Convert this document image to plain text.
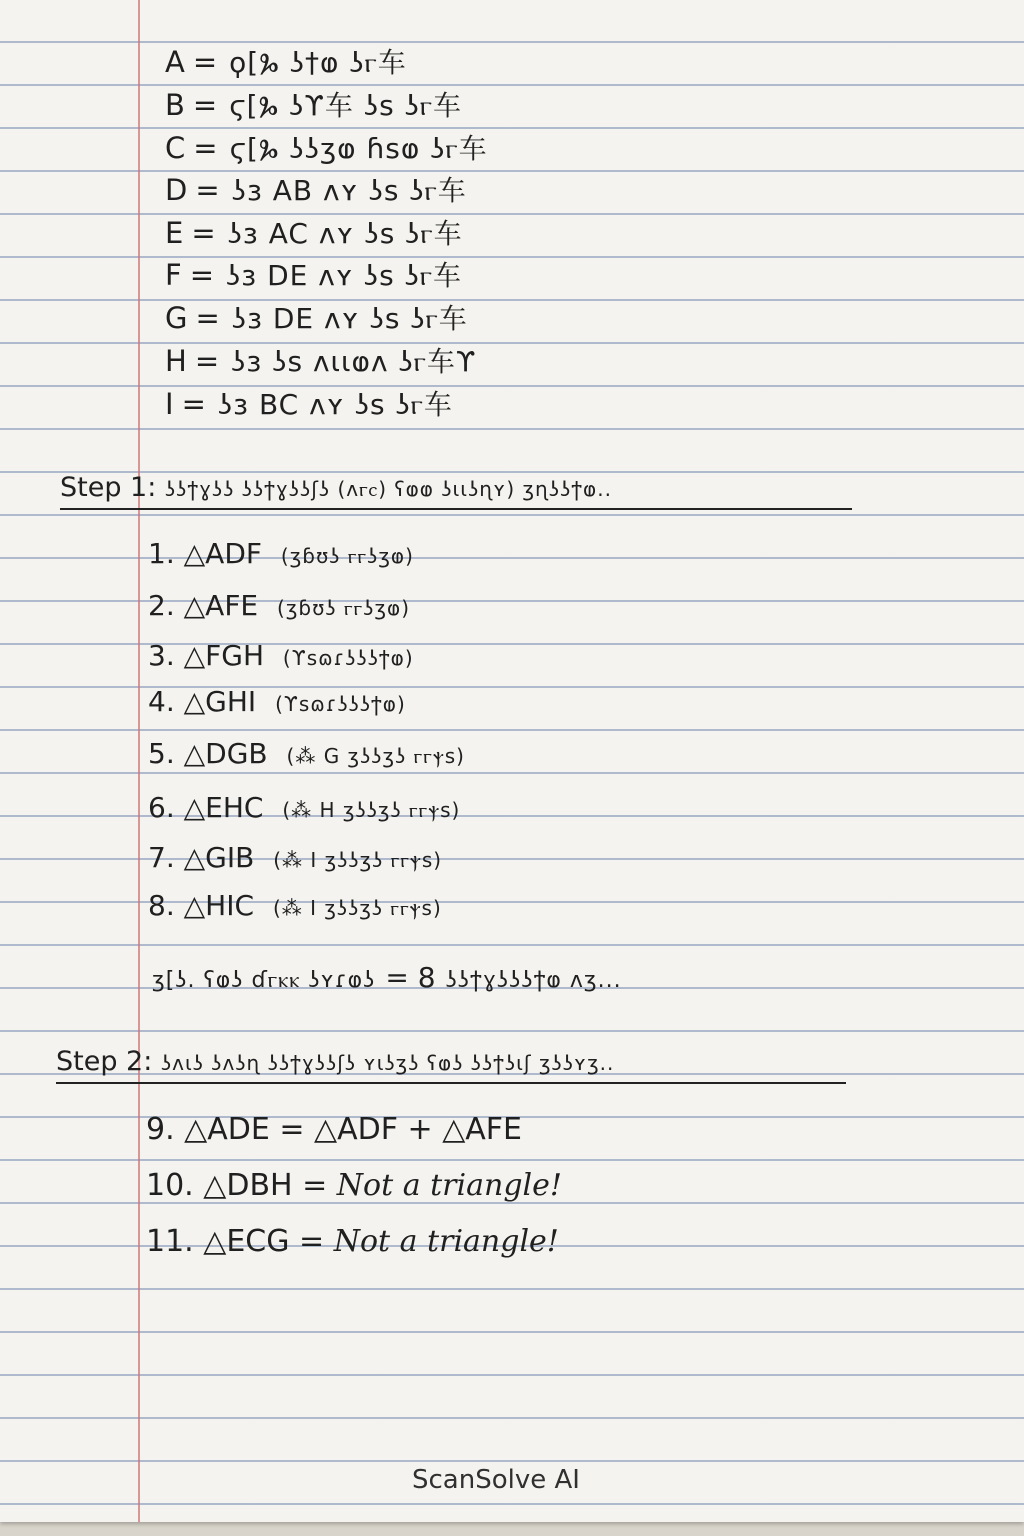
A = ϙ[Ⰳ ʖ†ⱷ ʖⲅ⻋
B = ϛ[Ⰳ ʖϒ⻋ ʖs ʖⲅ⻋
C = ϛ[Ⰳ ʖʖʒⱷ ɦsⱷ ʖⲅ⻋
D = ʖɜ AB ʌʏ ʖs ʖⲅ⻋
E = ʖɜ AC ʌʏ ʖs ʖⲅ⻋
F = ʖɜ DE ʌʏ ʖs ʖⲅ⻋
G = ʖɜ DE ʌʏ ʖs ʖⲅ⻋
H = ʖɜ ʖs ʌɩɩⱷʌ ʖⲅ⻋ϒ
I = ʖɜ BC ʌʏ ʖs ʖⲅ⻋
Step 1: ʖʖϯɣʖʖ ʖʖϯɣʖʖʃʖ (ʌⲅⲥ) ʕⱷⱷ ʖɩɩʖɳʏ) ʒɳʖʖϯⱷ..
1. △ADF (ʒɓʊʖ ⲅⲅʖʒⱷ)
2. △AFE (ʒɓʊʖ ⲅⲅʖʒⱷ)
3. △FGH (ϒsɷɾʖʖʖϯⱷ)
4. △GHI (ϒsɷɾʖʖʖϯⱷ)
5. △DGB (⁂ G ʒʖʖʒʖ ⲅⲅⲯs)
6. △EHC (⁂ H ʒʖʖʒʖ ⲅⲅⲯs)
7. △GIB (⁂ I ʒʖʖʒʖ ⲅⲅⲯs)
8. △HIC (⁂ I ʒʖʖʒʖ ⲅⲅⲯs)
ʒ[ʖ. ʕⱷʖ ɗⲅⲕⲕ ʖʏɾⱷʖ = 8 ʖʖϯɣʖʖʖϯⱷ ʌʒ...
Step 2: ʖʌɩʖ ʖʌʖɳ ʖʖϯɣʖʖʃʖ ʏɩʖʒʖ ʕⱷʖ ʖʖϯʖɩʃ ʒʖʖʏʒ..
9. △ADE = △ADF + △AFE
10. △DBH = Not a triangle!
11. △ECG = Not a triangle!
ScanSolve AI
